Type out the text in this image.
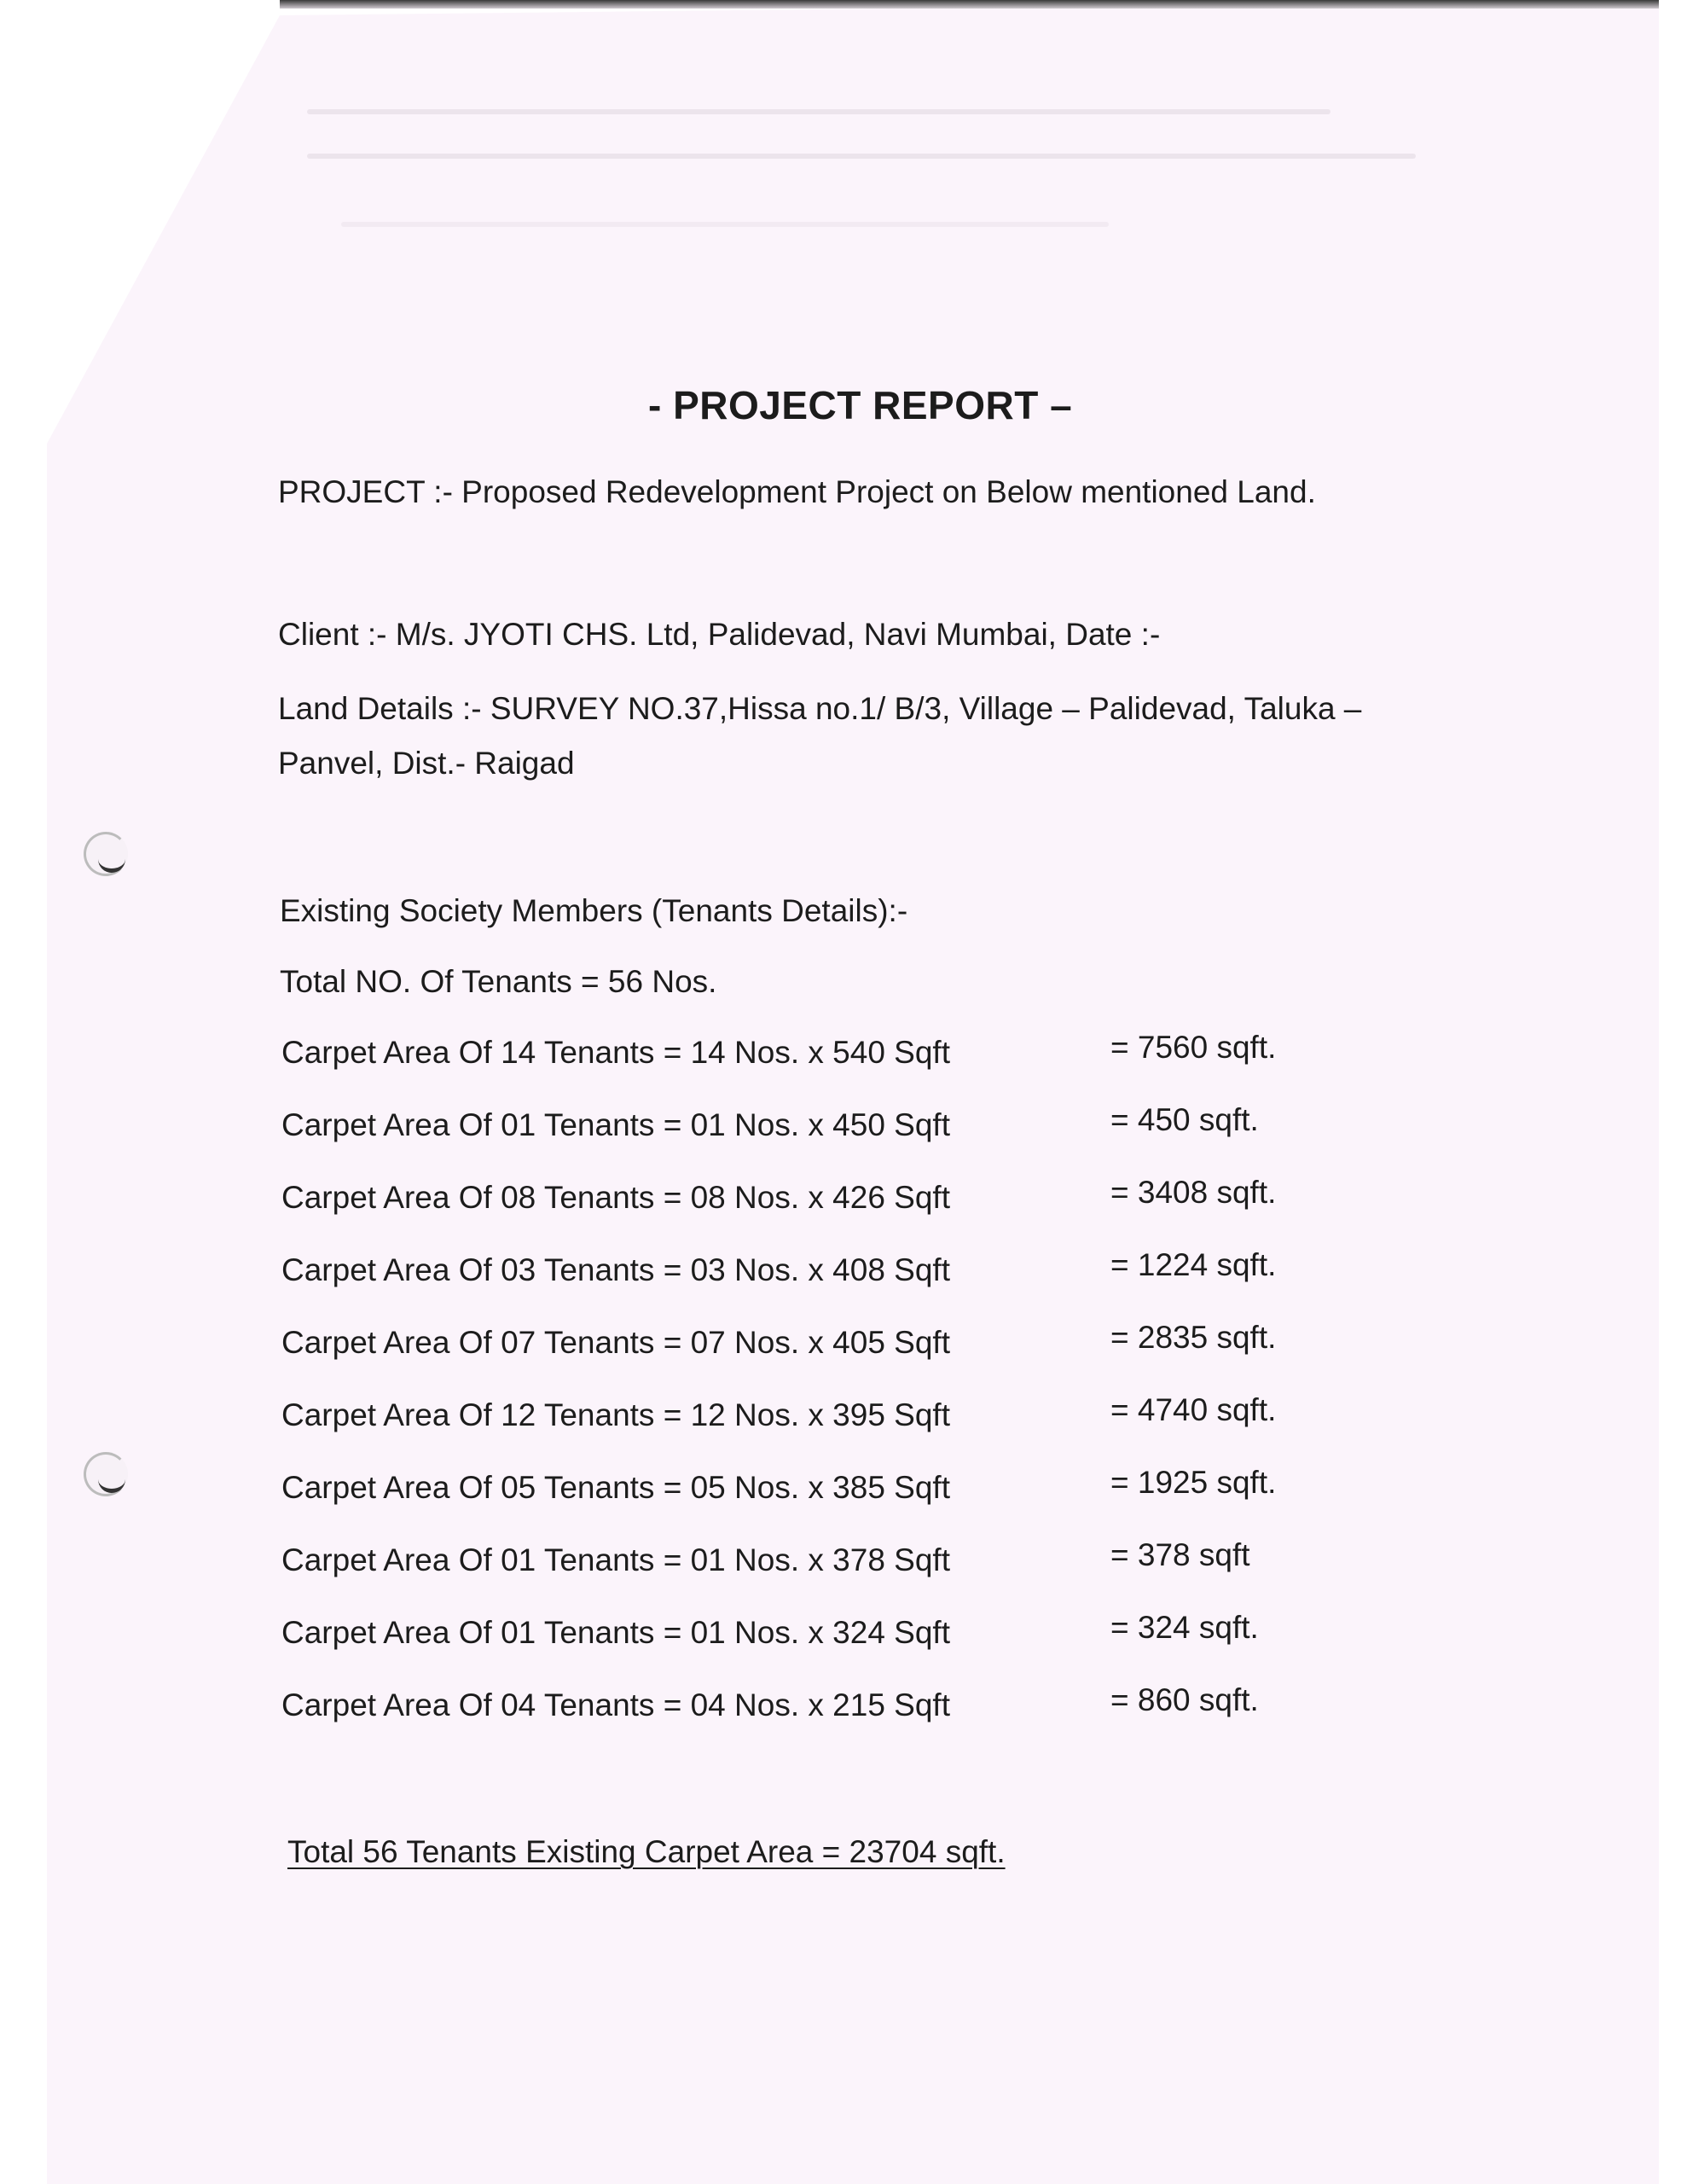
- PROJECT REPORT –
PROJECT :- Proposed Redevelopment Project on Below mentioned Land.
Client :- M/s. JYOTI CHS. Ltd, Palidevad, Navi Mumbai, Date :-
Land Details :- SURVEY NO.37,Hissa no.1/ B/3, Village – Palidevad, Taluka –
Panvel, Dist.- Raigad
Existing Society Members (Tenants Details):-
Total NO. Of Tenants = 56 Nos.
Carpet Area Of 14 Tenants = 14 Nos. x 540 Sqft	= 7560 sqft.
Carpet Area Of 01 Tenants = 01 Nos. x 450 Sqft	= 450 sqft.
Carpet Area Of 08 Tenants = 08 Nos. x 426 Sqft	= 3408 sqft.
Carpet Area Of 03 Tenants = 03 Nos. x 408 Sqft	= 1224 sqft.
Carpet Area Of 07 Tenants = 07 Nos. x 405 Sqft	= 2835 sqft.
Carpet Area Of 12 Tenants = 12 Nos. x 395 Sqft	= 4740 sqft.
Carpet Area Of 05 Tenants = 05 Nos. x 385 Sqft	= 1925 sqft.
Carpet Area Of 01 Tenants = 01 Nos. x 378 Sqft	= 378 sqft
Carpet Area Of 01 Tenants = 01 Nos. x 324 Sqft	= 324 sqft.
Carpet Area Of 04 Tenants = 04 Nos. x 215 Sqft	= 860 sqft.
Total 56 Tenants Existing Carpet Area = 23704 sqft.
